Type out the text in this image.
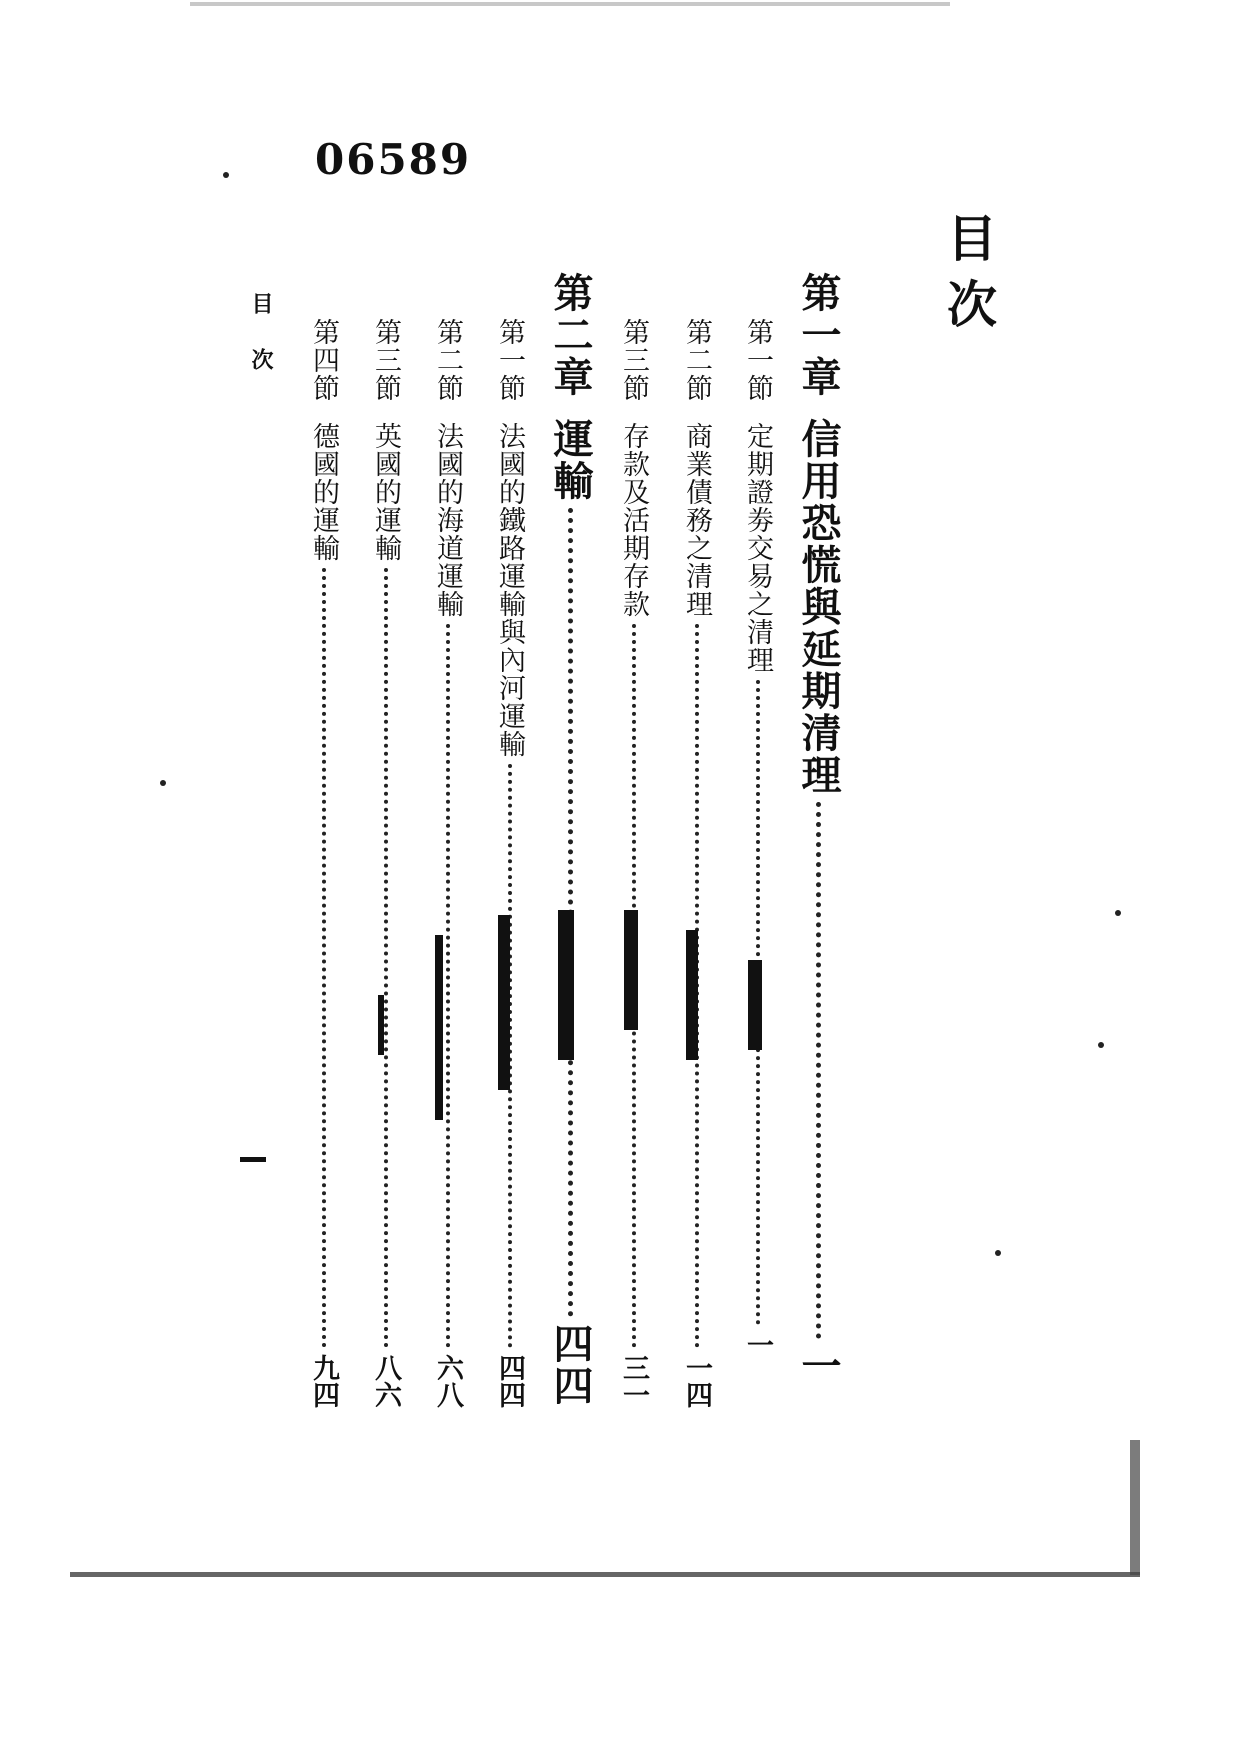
06589
目次
第一章
信用恐慌與延期清理
一
第一節
定期證劵交易之清理
一
第二節
商業債務之清理
一四
第三節
存款及活期存款
三一
第二章
運輸
四四
第一節
法國的鐵路運輸與內河運輸
四四
第二節
法國的海道運輸
六八
第三節
英國的運輸
八六
第四節
德國的運輸
九四
目次
